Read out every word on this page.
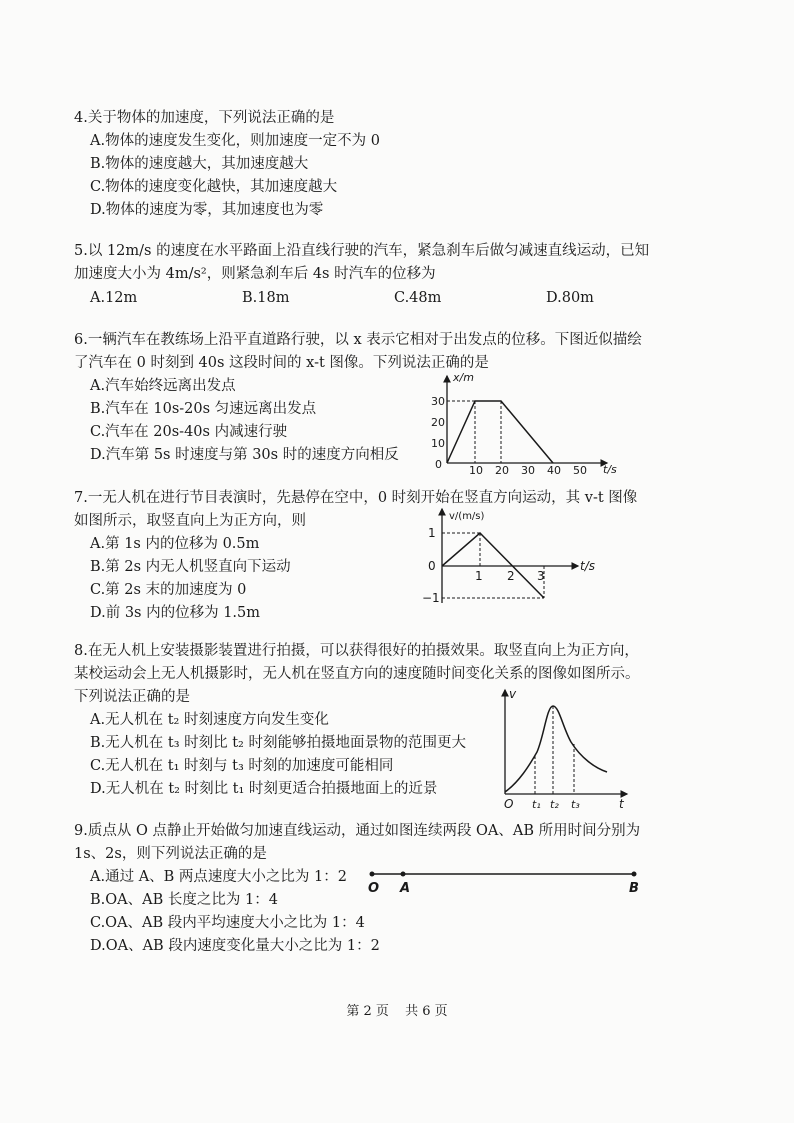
4.关于物体的加速度，下列说法正确的是
A.物体的速度发生变化，则加速度一定不为 0
B.物体的速度越大，其加速度越大
C.物体的速度变化越快，其加速度越大
D.物体的速度为零，其加速度也为零
5.以 12m/s 的速度在水平路面上沿直线行驶的汽车，紧急刹车后做匀减速直线运动，已知
加速度大小为 4m/s²，则紧急刹车后 4s 时汽车的位移为
A.12m	B.18m	C.48m	D.80m
6.一辆汽车在教练场上沿平直道路行驶，以 x 表示它相对于出发点的位移。下图近似描绘
了汽车在 0 时刻到 40s 这段时间的 x-t 图像。下列说法正确的是
A.汽车始终远离出发点
B.汽车在 10s-20s 匀速远离出发点
C.汽车在 20s-40s 内减速行驶
D.汽车第 5s 时速度与第 30s 时的速度方向相反
x/m
t/s
30
20
10
0 10 20 30 40 50
7.一无人机在进行节目表演时，先悬停在空中，0 时刻开始在竖直方向运动，其 v-t 图像
如图所示，取竖直向上为正方向，则
A.第 1s 内的位移为 0.5m
B.第 2s 内无人机竖直向下运动
C.第 2s 末的加速度为 0
D.前 3s 内的位移为 1.5m
v/(m/s)
t/s
1
0
−1
1 2 3
8.在无人机上安装摄影装置进行拍摄，可以获得很好的拍摄效果。取竖直向上为正方向，
某校运动会上无人机摄影时，无人机在竖直方向的速度随时间变化关系的图像如图所示。
下列说法正确的是
A.无人机在 t₂ 时刻速度方向发生变化
B.无人机在 t₃ 时刻比 t₂ 时刻能够拍摄地面景物的范围更大
C.无人机在 t₁ 时刻与 t₃ 时刻的加速度可能相同
D.无人机在 t₂ 时刻比 t₁ 时刻更适合拍摄地面上的近景
v
t
O t₁ t₂ t₃
9.质点从 O 点静止开始做匀加速直线运动，通过如图连续两段 OA、AB 所用时间分别为
1s、2s，则下列说法正确的是
A.通过 A、B 两点速度大小之比为 1：2
B.OA、AB 长度之比为 1：4
C.OA、AB 段内平均速度大小之比为 1：4
D.OA、AB 段内速度变化量大小之比为 1：2
O A	B
第 2 页 共 6 页
